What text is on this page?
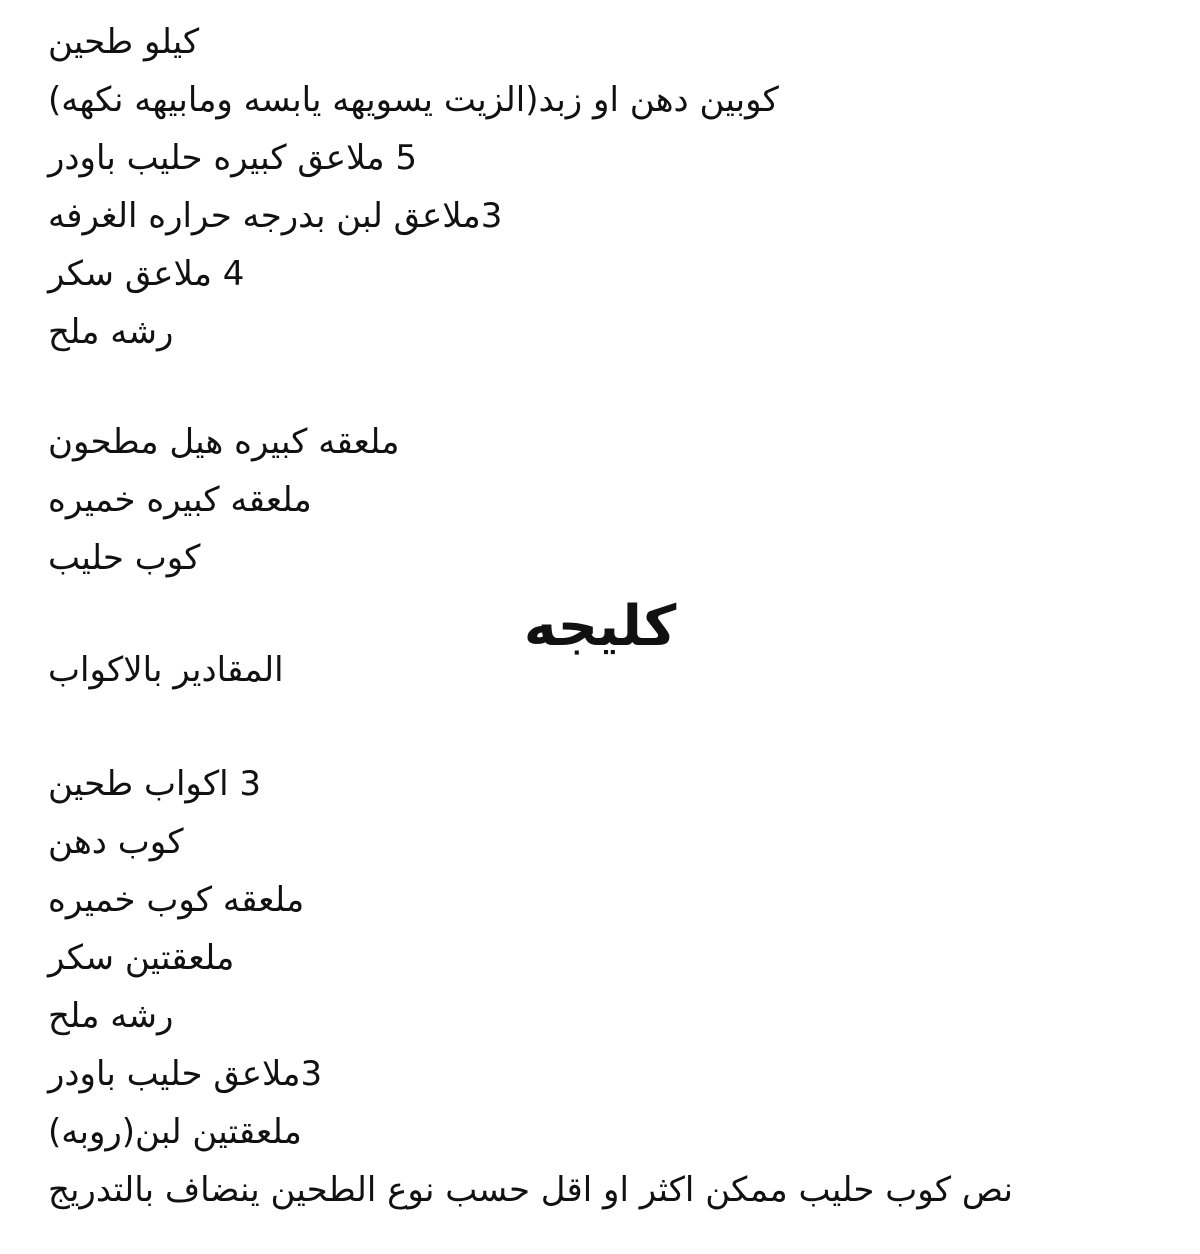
كيلو طحين
كوبين دهن او زبد(الزيت يسويهه يابسه ومابيهه نكهه)
5 ملاعق كبيره حليب باودر
3ملاعق لبن بدرجه حراره الغرفه
4 ملاعق سكر
رشه ملح
ملعقه كبيره هيل مطحون
ملعقه كبيره خميره
كوب حليب
كليجه
المقادير بالاكواب
3 اكواب طحين
كوب دهن
ملعقه كوب خميره
ملعقتين سكر
رشه ملح
3ملاعق حليب باودر
ملعقتين لبن(روبه)
نص كوب حليب ممكن اكثر او اقل حسب نوع الطحين ينضاف بالتدريج
